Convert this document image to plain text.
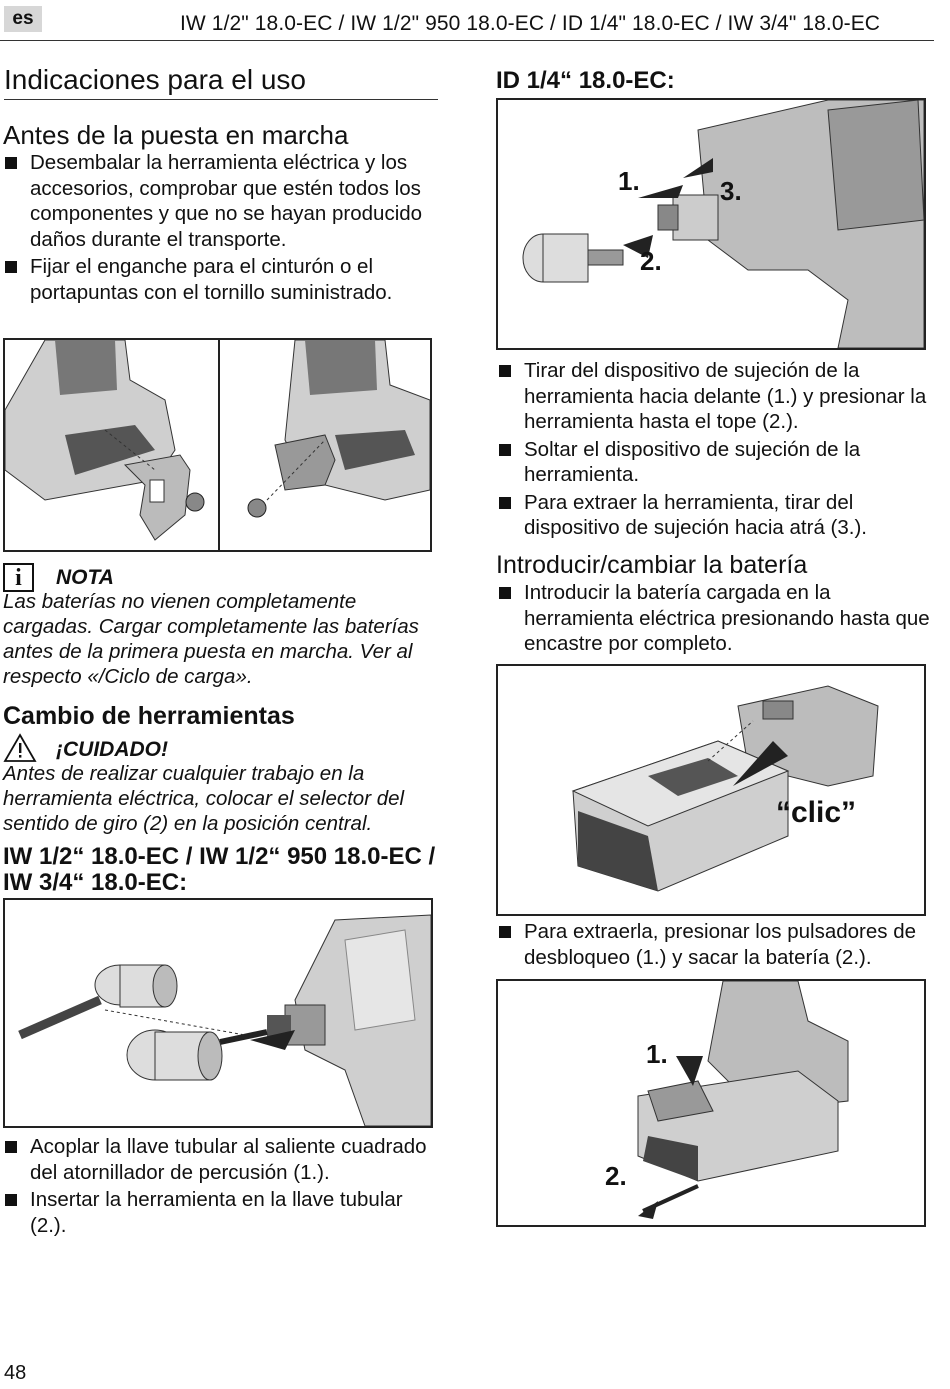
es	IW 1/2" 18.0-EC / IW 1/2" 950 18.0-EC / ID 1/4" 18.0-EC / IW 3/4" 18.0-EC
Indicaciones para el uso
Antes de la puesta en marcha
Desembalar la herramienta eléctrica y los accesorios, comprobar que estén todos los componentes y que no se hayan producido daños durante el transporte.
Fijar el enganche para el cinturón o el portapuntas con el tornillo suministrado.
i	NOTA
Las baterías no vienen completamente cargadas. Cargar completamente las baterías antes de la primera puesta en marcha. Ver al respecto «/Ciclo de carga».
Cambio de herramientas
¡CUIDADO!
Antes de realizar cualquier trabajo en la herramienta eléctrica, colocar el selector del sentido de giro (2) en la posición central.
IW 1/2“ 18.0-EC / IW 1/2“ 950 18.0-EC /
IW 3/4“ 18.0-EC:
Acoplar la llave tubular al saliente cuadrado del atornillador de percusión (1.).
Insertar la herramienta en la llave tubular (2.).
48
ID 1/4“ 18.0-EC:
1.
2.
3.
Tirar del dispositivo de sujeción de la herramienta hacia delante (1.) y presionar la herramienta hasta el tope (2.).
Soltar el dispositivo de sujeción de la herramienta.
Para extraer la herramienta, tirar del dispositivo de sujeción hacia atrá (3.).
Introducir/cambiar la batería
Introducir la batería cargada en la herramienta eléctrica presionando hasta que encastre por completo.
“clic”
Para extraerla, presionar los pulsadores de desbloqueo (1.) y sacar la batería (2.).
1.
2.
